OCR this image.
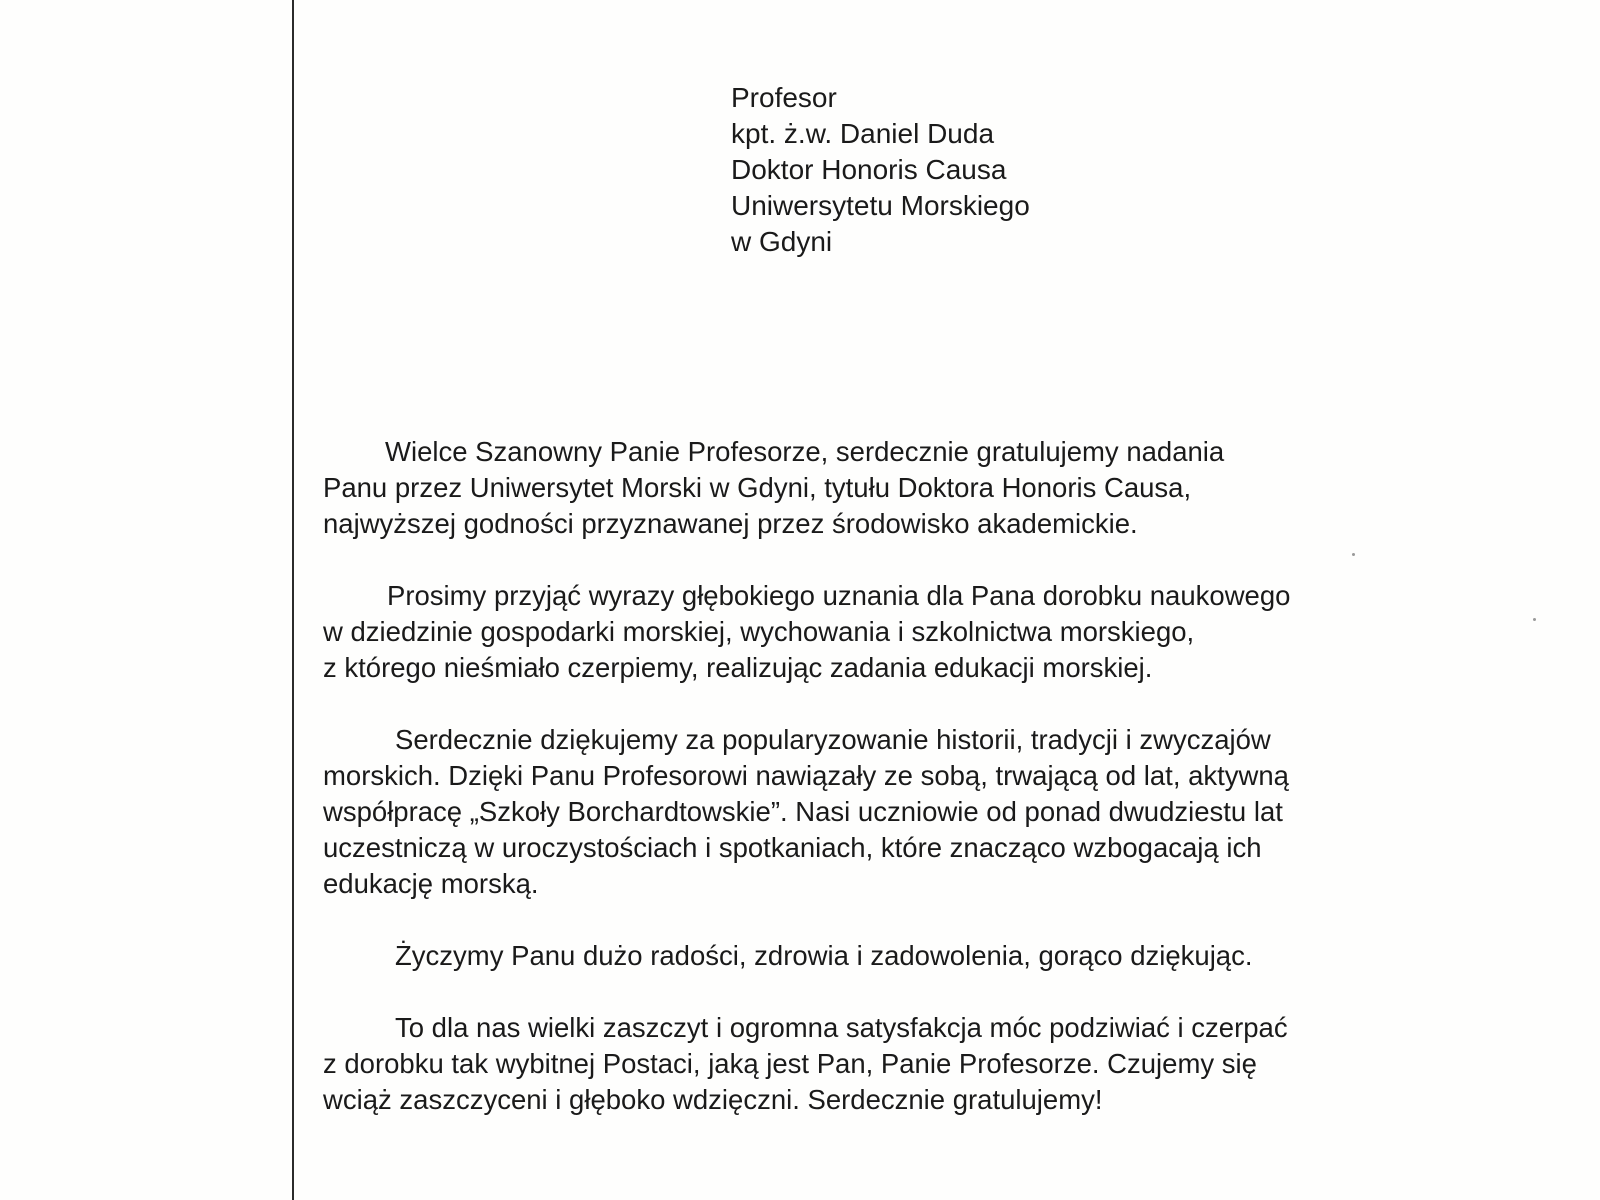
Profesor
kpt. ż.w. Daniel Duda
Doktor Honoris Causa
Uniwersytetu Morskiego
w Gdyni
Wielce Szanowny Panie Profesorze, serdecznie gratulujemy nadania
Panu przez Uniwersytet Morski w Gdyni, tytułu Doktora Honoris Causa,
najwyższej godności przyznawanej przez środowisko akademickie.
Prosimy przyjąć wyrazy głębokiego uznania dla Pana dorobku naukowego
w dziedzinie gospodarki morskiej, wychowania i szkolnictwa morskiego,
z którego nieśmiało czerpiemy, realizując zadania edukacji morskiej.
Serdecznie dziękujemy za popularyzowanie historii, tradycji i zwyczajów
morskich. Dzięki Panu Profesorowi nawiązały ze sobą, trwającą od lat, aktywną
współpracę „Szkoły Borchardtowskie”. Nasi uczniowie od ponad dwudziestu lat
uczestniczą w uroczystościach i spotkaniach, które znacząco wzbogacają ich
edukację morską.
Życzymy Panu dużo radości, zdrowia i zadowolenia, gorąco dziękując.
To dla nas wielki zaszczyt i ogromna satysfakcja móc podziwiać i czerpać
z dorobku tak wybitnej Postaci, jaką jest Pan, Panie Profesorze. Czujemy się
wciąż zaszczyceni i głęboko wdzięczni. Serdecznie gratulujemy!
